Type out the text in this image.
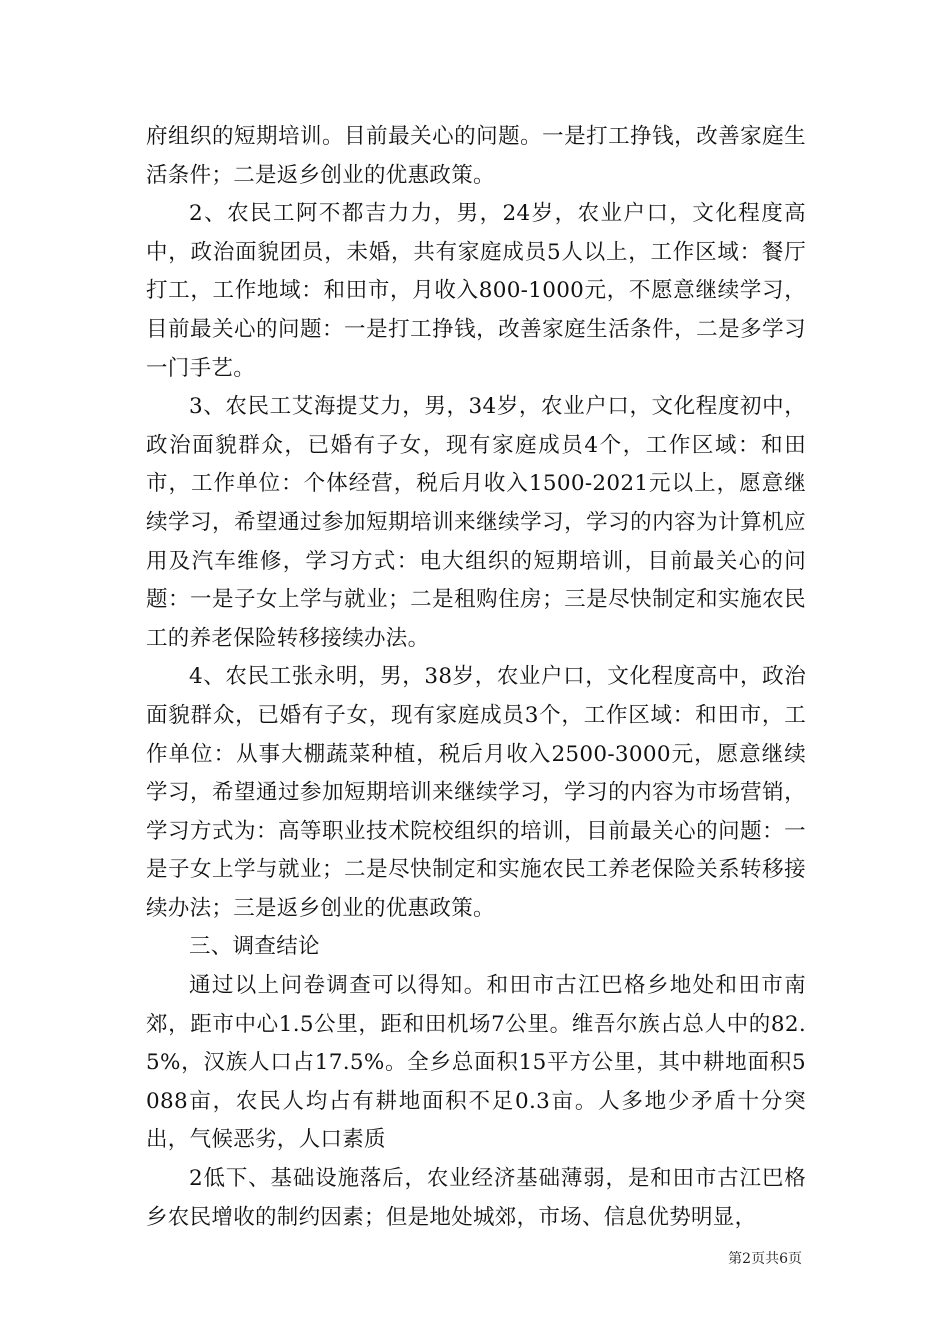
府组织的短期培训。目前最关心的问题。一是打工挣钱，改善家庭生活条件；二是返乡创业的优惠政策。

2、农民工阿不都吉力力，男，24岁，农业户口，文化程度高中，政治面貌团员，未婚，共有家庭成员5人以上，工作区域：餐厅打工，工作地域：和田市，月收入800-1000元，不愿意继续学习，目前最关心的问题：一是打工挣钱，改善家庭生活条件，二是多学习一门手艺。

3、农民工艾海提艾力，男，34岁，农业户口，文化程度初中，政治面貌群众，已婚有子女，现有家庭成员4个，工作区域：和田市，工作单位：个体经营，税后月收入1500-2021元以上，愿意继续学习，希望通过参加短期培训来继续学习，学习的内容为计算机应用及汽车维修，学习方式：电大组织的短期培训，目前最关心的问题：一是子女上学与就业；二是租购住房；三是尽快制定和实施农民工的养老保险转移接续办法。

4、农民工张永明，男，38岁，农业户口，文化程度高中，政治面貌群众，已婚有子女，现有家庭成员3个，工作区域：和田市，工作单位：从事大棚蔬菜种植，税后月收入2500-3000元，愿意继续学习，希望通过参加短期培训来继续学习，学习的内容为市场营销，学习方式为：高等职业技术院校组织的培训，目前最关心的问题：一是子女上学与就业；二是尽快制定和实施农民工养老保险关系转移接续办法；三是返乡创业的优惠政策。

三、调查结论

通过以上问卷调查可以得知。和田市古江巴格乡地处和田市南郊，距市中心1.5公里，距和田机场7公里。维吾尔族占总人中的82.5%，汉族人口占17.5%。全乡总面积15平方公里，其中耕地面积5088亩，农民人均占有耕地面积不足0.3亩。人多地少矛盾十分突出，气候恶劣，人口素质

2低下、基础设施落后，农业经济基础薄弱，是和田市古江巴格乡农民增收的制约因素；但是地处城郊，市场、信息优势明显，

第2页共6页
